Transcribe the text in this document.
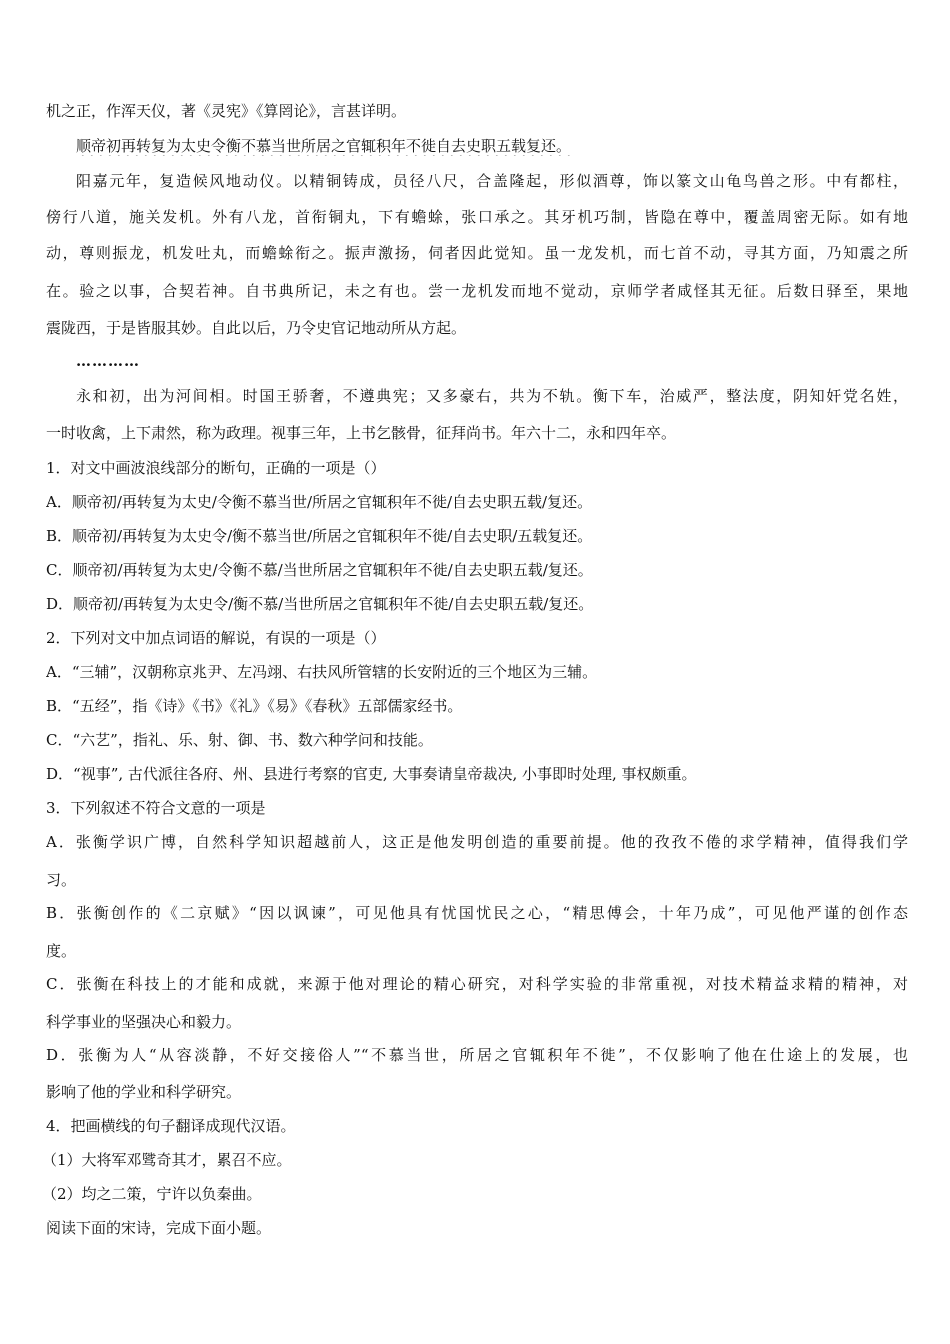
机之正，作浑天仪，著《灵宪》《算罔论》，言甚详明。
顺帝初再转复为太史令衡不慕当世所居之官辄积年不徙自去史职五载复还。
阳嘉元年，复造候风地动仪。以精铜铸成，员径八尺，合盖隆起，形似酒尊，饰以篆文山龟鸟兽之形。中有都柱，
傍行八道，施关发机。外有八龙，首衔铜丸，下有蟾蜍，张口承之。其牙机巧制，皆隐在尊中，覆盖周密无际。如有地
动，尊则振龙，机发吐丸，而蟾蜍衔之。振声激扬，伺者因此觉知。虽一龙发机，而七首不动，寻其方面，乃知震之所
在。验之以事，合契若神。自书典所记，未之有也。尝一龙机发而地不觉动，京师学者咸怪其无征。后数日驿至，果地
震陇西，于是皆服其妙。自此以后，乃令史官记地动所从方起。
…………
永和初，出为河间相。时国王骄奢，不遵典宪；又多豪右，共为不轨。衡下车，治威严，整法度，阴知奸党名姓，
一时收禽，上下肃然，称为政理。视事三年，上书乞骸骨，征拜尚书。年六十二，永和四年卒。
1．对文中画波浪线部分的断句，正确的一项是（）
A．顺帝初/再转复为太史/令衡不慕当世/所居之官辄积年不徙/自去史职五载/复还。
B．顺帝初/再转复为太史令/衡不慕当世/所居之官辄积年不徙/自去史职/五载复还。
C．顺帝初/再转复为太史/令衡不慕/当世所居之官辄积年不徙/自去史职五载/复还。
D．顺帝初/再转复为太史令/衡不慕/当世所居之官辄积年不徙/自去史职五载/复还。
2．下列对文中加点词语的解说，有误的一项是（）
A．“三辅”，汉朝称京兆尹、左冯翊、右扶风所管辖的长安附近的三个地区为三辅。
B．“五经”，指《诗》《书》《礼》《易》《春秋》五部儒家经书。
C．“六艺”，指礼、乐、射、御、书、数六种学问和技能。
D．“视事”, 古代派往各府、州、县进行考察的官吏, 大事奏请皇帝裁决, 小事即时处理, 事权颇重。
3．下列叙述不符合文意的一项是
A．张衡学识广博，自然科学知识超越前人，这正是他发明创造的重要前提。他的孜孜不倦的求学精神，值得我们学
习。
B．张衡创作的《二京赋》“因以讽谏”，可见他具有忧国忧民之心，“精思傅会，十年乃成”，可见他严谨的创作态
度。
C．张衡在科技上的才能和成就，来源于他对理论的精心研究，对科学实验的非常重视，对技术精益求精的精神，对
科学事业的坚强决心和毅力。
D．张衡为人“从容淡静，不好交接俗人”“不慕当世，所居之官辄积年不徙”，不仅影响了他在仕途上的发展，也
影响了他的学业和科学研究。
4．把画横线的句子翻译成现代汉语。
（1）大将军邓骘奇其才，累召不应。
（2）均之二策，宁许以负秦曲。
阅读下面的宋诗，完成下面小题。
